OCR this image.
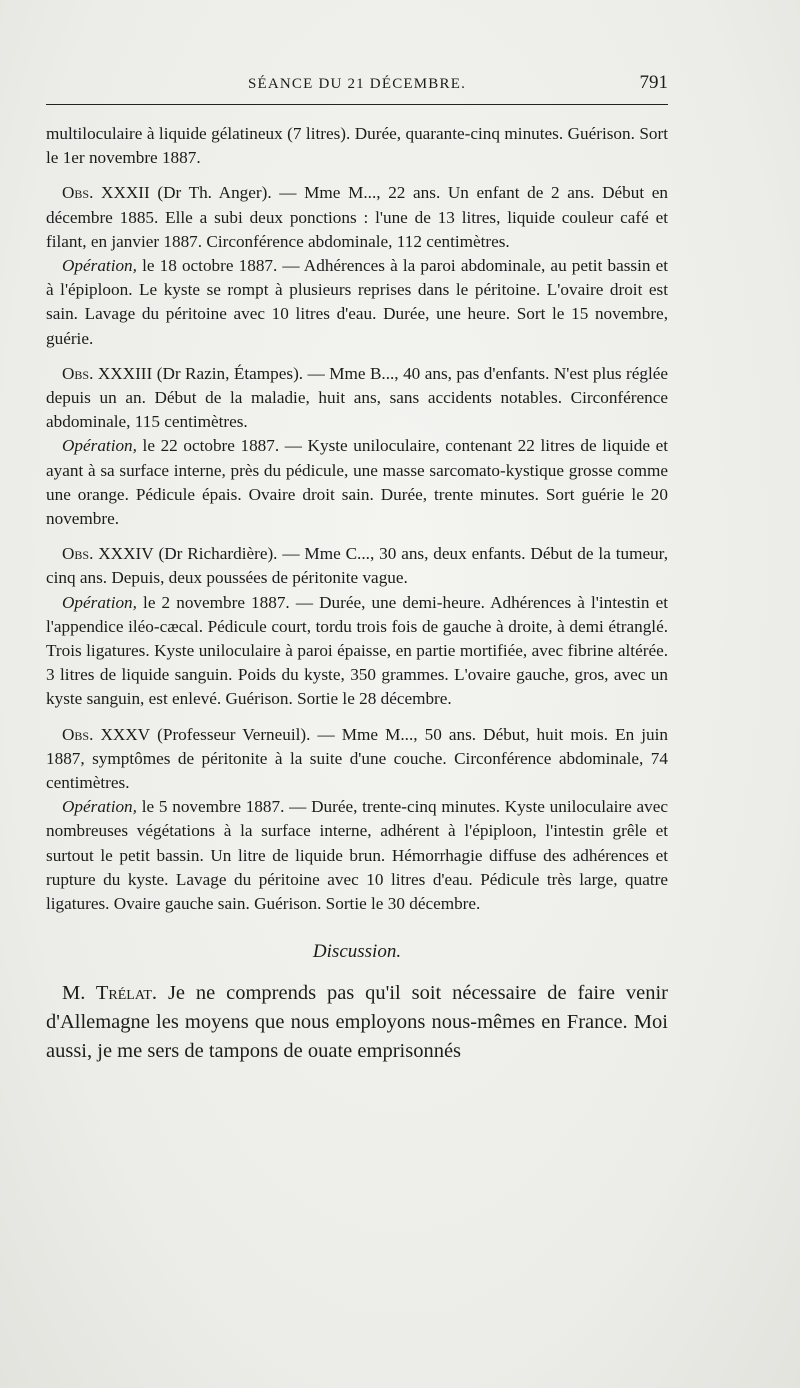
SÉANCE DU 21 DÉCEMBRE.	791

multiloculaire à liquide gélatineux (7 litres). Durée, quarante-cinq minutes. Guérison. Sort le 1er novembre 1887.

Obs. XXXII (Dr Th. Anger). — Mme M..., 22 ans. Un enfant de 2 ans. Début en décembre 1885. Elle a subi deux ponctions : l'une de 13 litres, liquide couleur café et filant, en janvier 1887. Circonférence abdominale, 112 centimètres.

Opération, le 18 octobre 1887. — Adhérences à la paroi abdominale, au petit bassin et à l'épiploon. Le kyste se rompt à plusieurs reprises dans le péritoine. L'ovaire droit est sain. Lavage du péritoine avec 10 litres d'eau. Durée, une heure. Sort le 15 novembre, guérie.

Obs. XXXIII (Dr Razin, Étampes). — Mme B..., 40 ans, pas d'enfants. N'est plus réglée depuis un an. Début de la maladie, huit ans, sans accidents notables. Circonférence abdominale, 115 centimètres.

Opération, le 22 octobre 1887. — Kyste uniloculaire, contenant 22 litres de liquide et ayant à sa surface interne, près du pédicule, une masse sarcomato-kystique grosse comme une orange. Pédicule épais. Ovaire droit sain. Durée, trente minutes. Sort guérie le 20 novembre.

Obs. XXXIV (Dr Richardière). — Mme C..., 30 ans, deux enfants. Début de la tumeur, cinq ans. Depuis, deux poussées de péritonite vague.

Opération, le 2 novembre 1887. — Durée, une demi-heure. Adhérences à l'intestin et l'appendice iléo-cæcal. Pédicule court, tordu trois fois de gauche à droite, à demi étranglé. Trois ligatures. Kyste uniloculaire à paroi épaisse, en partie mortifiée, avec fibrine altérée. 3 litres de liquide sanguin. Poids du kyste, 350 grammes. L'ovaire gauche, gros, avec un kyste sanguin, est enlevé. Guérison. Sortie le 28 décembre.

Obs. XXXV (Professeur Verneuil). — Mme M..., 50 ans. Début, huit mois. En juin 1887, symptômes de péritonite à la suite d'une couche. Circonférence abdominale, 74 centimètres.

Opération, le 5 novembre 1887. — Durée, trente-cinq minutes. Kyste uniloculaire avec nombreuses végétations à la surface interne, adhérent à l'épiploon, l'intestin grêle et surtout le petit bassin. Un litre de liquide brun. Hémorrhagie diffuse des adhérences et rupture du kyste. Lavage du péritoine avec 10 litres d'eau. Pédicule très large, quatre ligatures. Ovaire gauche sain. Guérison. Sortie le 30 décembre.

Discussion.

M. Trélat. Je ne comprends pas qu'il soit nécessaire de faire venir d'Allemagne les moyens que nous employons nous-mêmes en France. Moi aussi, je me sers de tampons de ouate emprisonnés
